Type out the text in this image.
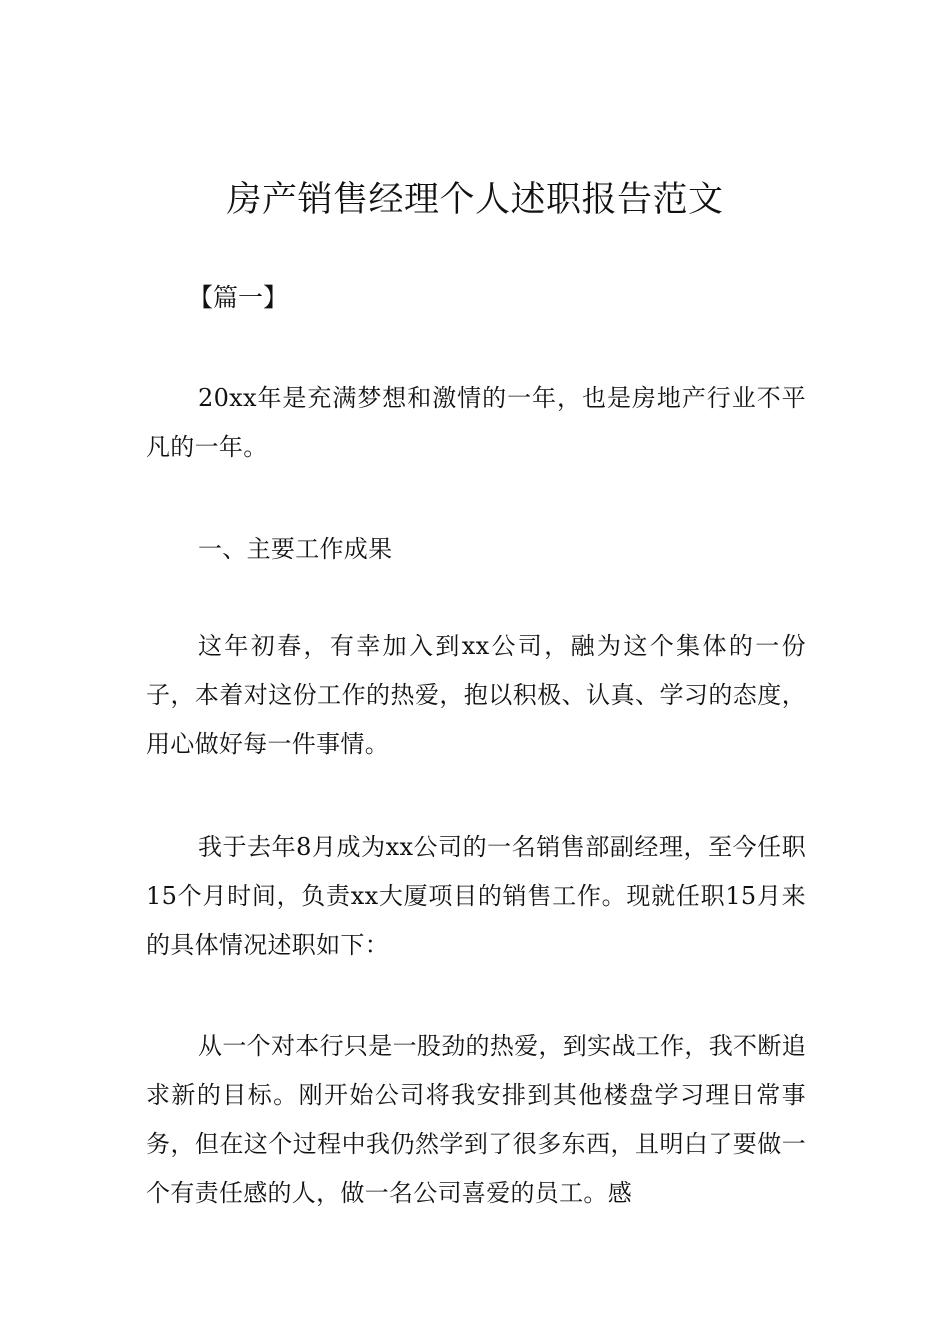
房产销售经理个人述职报告范文

【篇一】

20xx年是充满梦想和激情的一年，也是房地产行业不平凡的一年。

一、主要工作成果

这年初春，有幸加入到xx公司，融为这个集体的一份子，本着对这份工作的热爱，抱以积极、认真、学习的态度，用心做好每一件事情。

我于去年8月成为xx公司的一名销售部副经理，至今任职15个月时间，负责xx大厦项目的销售工作。现就任职15月来的具体情况述职如下：

从一个对本行只是一股劲的热爱，到实战工作，我不断追求新的目标。刚开始公司将我安排到其他楼盘学习理日常事务，但在这个过程中我仍然学到了很多东西，且明白了要做一个有责任感的人，做一名公司喜爱的员工。感
